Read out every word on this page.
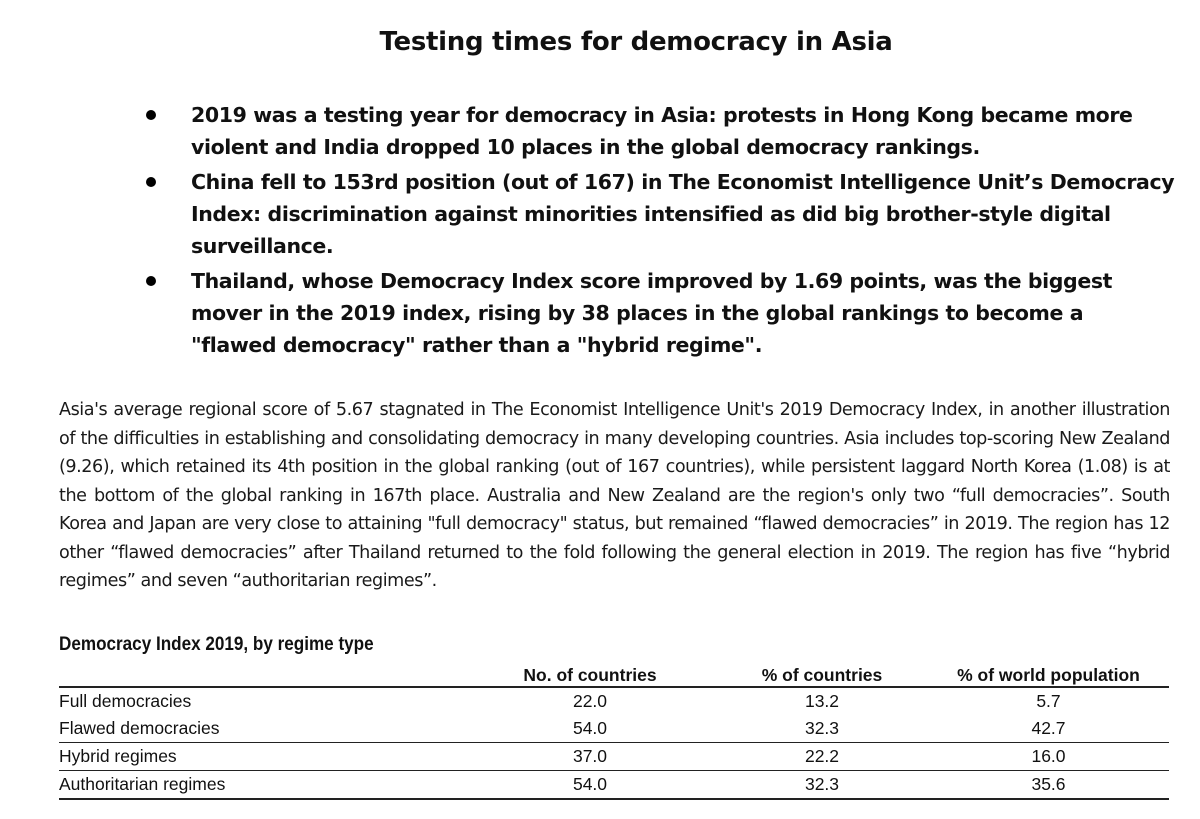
Testing times for democracy in Asia
2019 was a testing year for democracy in Asia: protests in Hong Kong became more violent and India dropped 10 places in the global democracy rankings.
China fell to 153rd position (out of 167) in The Economist Intelligence Unit’s Democracy Index: discrimination against minorities intensified as did big brother-style digital surveillance.
Thailand, whose Democracy Index score improved by 1.69 points, was the biggest mover in the 2019 index, rising by 38 places in the global rankings to become a "flawed democracy" rather than a "hybrid regime".

Asia's average regional score of 5.67 stagnated in The Economist Intelligence Unit's 2019 Democracy Index, in another illustration of the difficulties in establishing and consolidating democracy in many developing countries. Asia includes top-scoring New Zealand (9.26), which retained its 4th position in the global ranking (out of 167 countries), while persistent laggard North Korea (1.08) is at the bottom of the global ranking in 167th place. Australia and New Zealand are the region's only two “full democracies”. South Korea and Japan are very close to attaining "full democracy" status, but remained “flawed democracies” in 2019. The region has 12 other “flawed democracies” after Thailand returned to the fold following the general election in 2019. The region has five “hybrid regimes” and seven “authoritarian regimes”.

Democracy Index 2019, by regime type
	No. of countries	% of countries	% of world population
Full democracies	22.0	13.2	5.7
Flawed democracies	54.0	32.3	42.7
Hybrid regimes	37.0	22.2	16.0
Authoritarian regimes	54.0	32.3	35.6
